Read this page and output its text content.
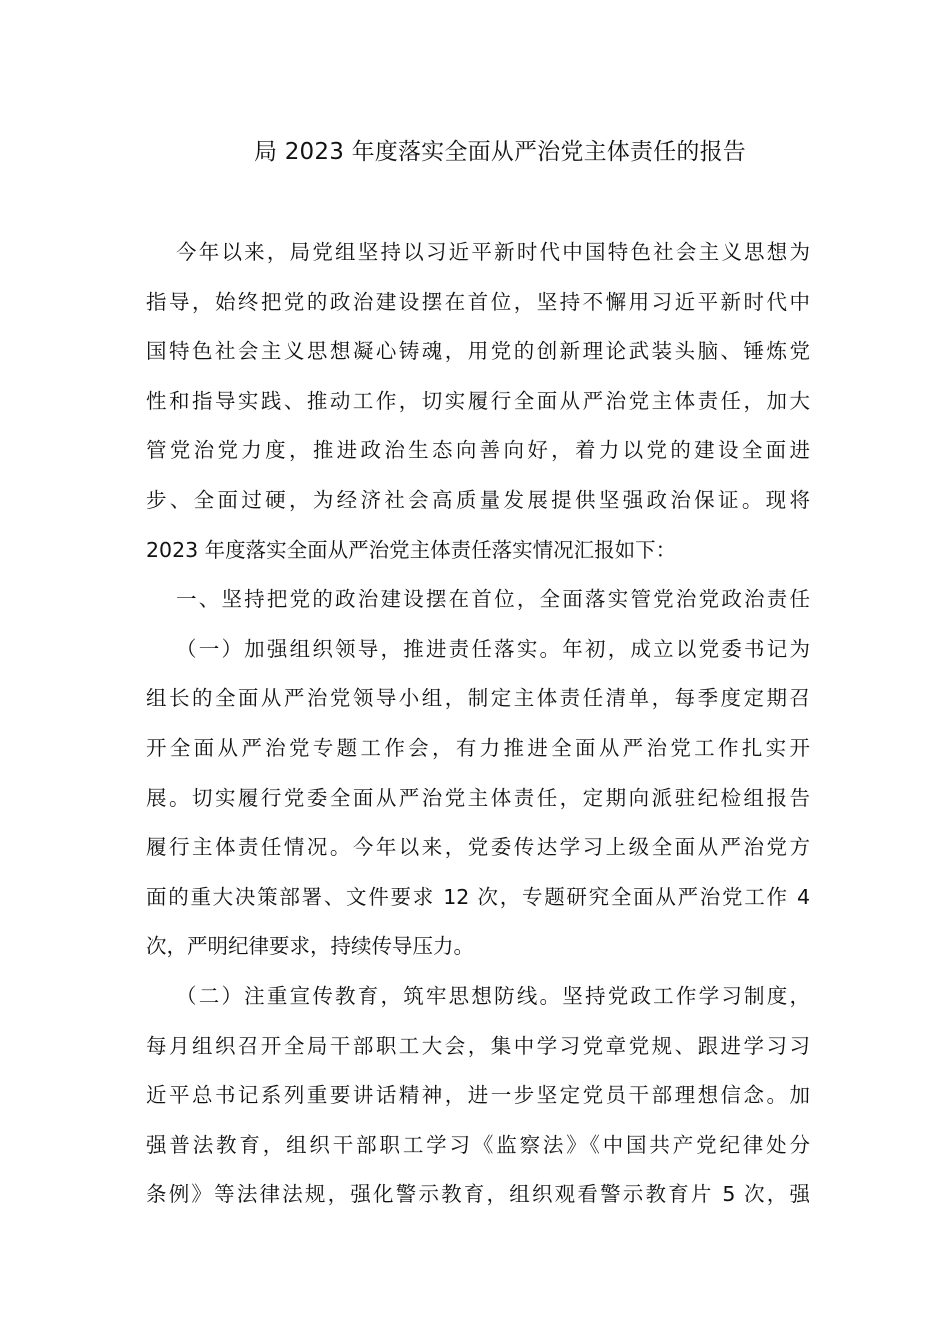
局 2023 年度落实全面从严治党主体责任的报告
今年以来，局党组坚持以习近平新时代中国特色社会主义思想为
指导，始终把党的政治建设摆在首位，坚持不懈用习近平新时代中
国特色社会主义思想凝心铸魂，用党的创新理论武装头脑、锤炼党
性和指导实践、推动工作，切实履行全面从严治党主体责任，加大
管党治党力度，推进政治生态向善向好，着力以党的建设全面进
步、全面过硬，为经济社会高质量发展提供坚强政治保证。现将
2023 年度落实全面从严治党主体责任落实情况汇报如下：
一、坚持把党的政治建设摆在首位，全面落实管党治党政治责任
（一）加强组织领导，推进责任落实。年初，成立以党委书记为
组长的全面从严治党领导小组，制定主体责任清单，每季度定期召
开全面从严治党专题工作会，有力推进全面从严治党工作扎实开
展。切实履行党委全面从严治党主体责任，定期向派驻纪检组报告
履行主体责任情况。今年以来，党委传达学习上级全面从严治党方
面的重大决策部署、文件要求 12 次，专题研究全面从严治党工作 4
次，严明纪律要求，持续传导压力。
（二）注重宣传教育，筑牢思想防线。坚持党政工作学习制度，
每月组织召开全局干部职工大会，集中学习党章党规、跟进学习习
近平总书记系列重要讲话精神，进一步坚定党员干部理想信念。加
强普法教育，组织干部职工学习《监察法》《中国共产党纪律处分
条例》等法律法规，强化警示教育，组织观看警示教育片 5 次，强
